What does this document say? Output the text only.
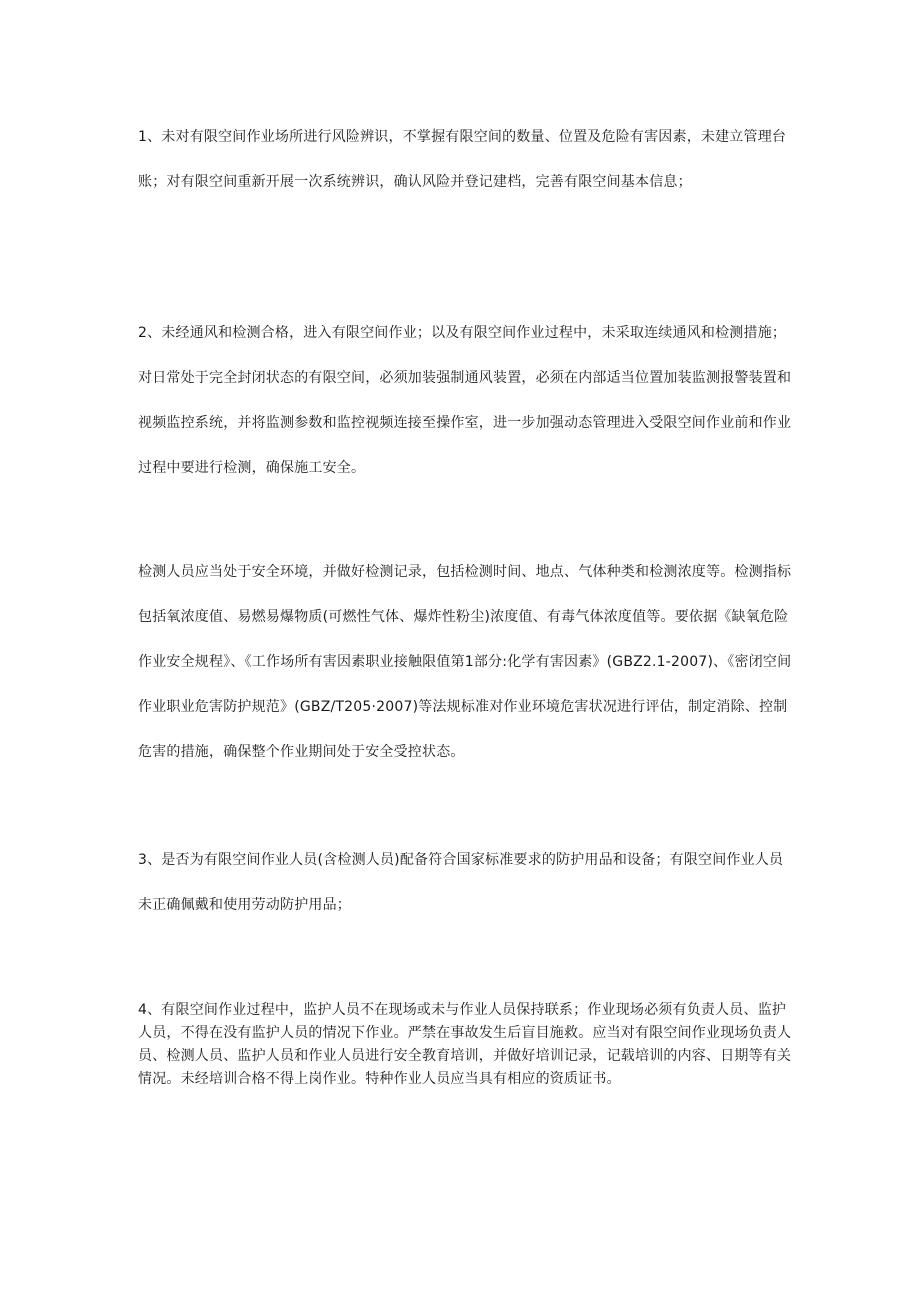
1、未对有限空间作业场所进行风险辨识，不掌握有限空间的数量、位置及危险有害因素，未建立管理台账；对有限空间重新开展一次系统辨识，确认风险并登记建档，完善有限空间基本信息；

2、未经通风和检测合格，进入有限空间作业；以及有限空间作业过程中，未采取连续通风和检测措施；对日常处于完全封闭状态的有限空间，必须加装强制通风装置，必须在内部适当位置加装监测报警装置和视频监控系统，并将监测参数和监控视频连接至操作室，进一步加强动态管理进入受限空间作业前和作业过程中要进行检测，确保施工安全。

检测人员应当处于安全环境，并做好检测记录，包括检测时间、地点、气体种类和检测浓度等。检测指标包括氧浓度值、易燃易爆物质(可燃性气体、爆炸性粉尘)浓度值、有毒气体浓度值等。要依据《缺氧危险作业安全规程》、《工作场所有害因素职业接触限值第1部分:化学有害因素》(GBZ2.1-2007)、《密闭空间作业职业危害防护规范》(GBZ/T205·2007)等法规标准对作业环境危害状况进行评估，制定消除、控制危害的措施，确保整个作业期间处于安全受控状态。

3、是否为有限空间作业人员(含检测人员)配备符合国家标准要求的防护用品和设备；有限空间作业人员未正确佩戴和使用劳动防护用品；

4、有限空间作业过程中，监护人员不在现场或未与作业人员保持联系；作业现场必须有负责人员、监护人员，不得在没有监护人员的情况下作业。严禁在事故发生后盲目施救。应当对有限空间作业现场负责人员、检测人员、监护人员和作业人员进行安全教育培训，并做好培训记录，记载培训的内容、日期等有关情况。未经培训合格不得上岗作业。特种作业人员应当具有相应的资质证书。
